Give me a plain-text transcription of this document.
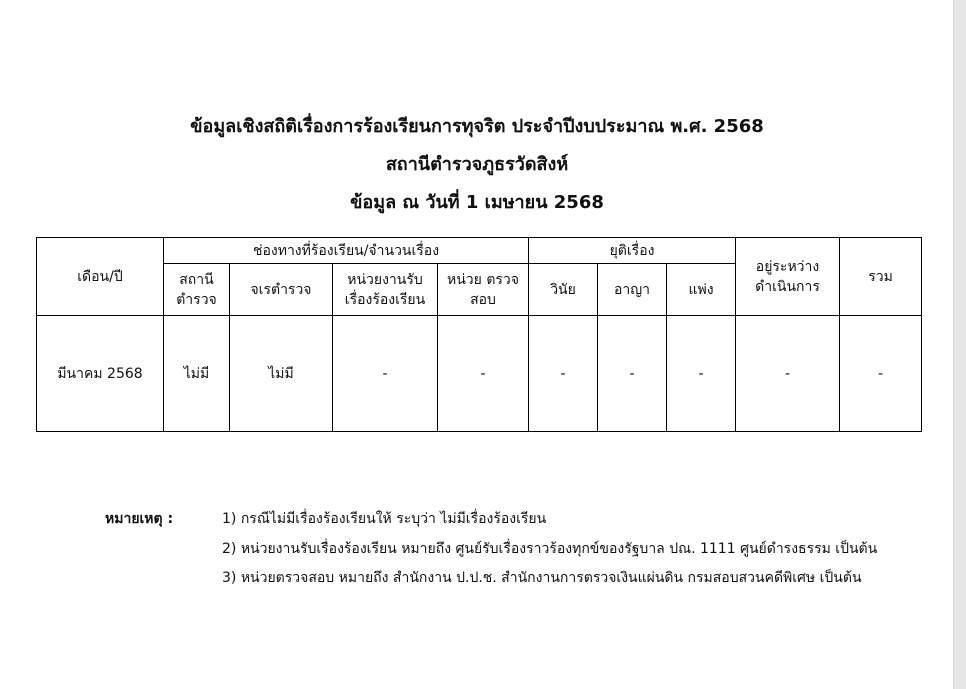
ข้อมูลเชิงสถิติเรื่องการร้องเรียนการทุจริต ประจำปีงบประมาณ พ.ศ. 2568
สถานีตำรวจภูธรวัดสิงห์
ข้อมูล ณ วันที่ 1 เมษายน 2568
เดือน/ปี	ช่องทางที่ร้องเรียน/จำนวนเรื่อง				ยุติเรื่อง			อยู่ระหว่าง ดำเนินการ	รวม
	สถานี ตำรวจ	จเรตำรวจ	หน่วยงานรับ เรื่องร้องเรียน	หน่วย ตรวจสอบ	วินัย	อาญา	แพ่ง		
มีนาคม 2568	ไม่มี	ไม่มี	-	-	-	-	-	-	-
หมายเหตุ :	1) กรณีไม่มีเรื่องร้องเรียนให้ ระบุว่า ไม่มีเรื่องร้องเรียน
2) หน่วยงานรับเรื่องร้องเรียน หมายถึง ศูนย์รับเรื่องราวร้องทุกข์ของรัฐบาล ปณ. 1111 ศูนย์ดำรงธรรม เป็นต้น
3) หน่วยตรวจสอบ หมายถึง สำนักงาน ป.ป.ช. สำนักงานการตรวจเงินแผ่นดิน กรมสอบสวนคดีพิเศษ เป็นต้น
